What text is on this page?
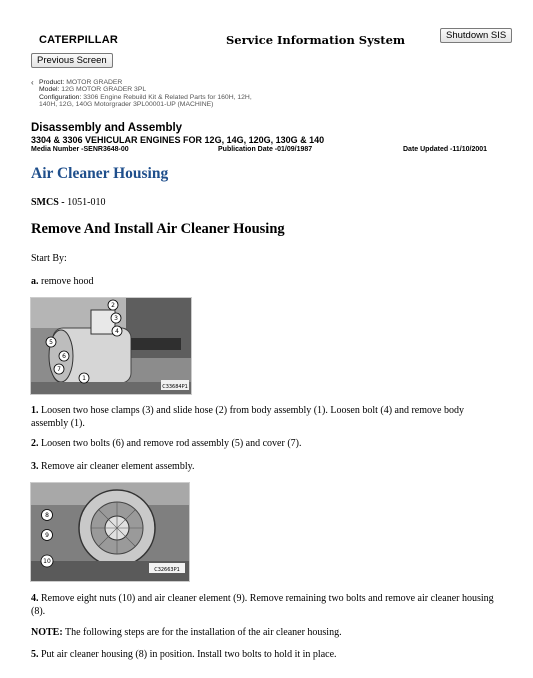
CATERPILLAR	Service Information System	Shutdown SIS
Previous Screen
‹ Product: MOTOR GRADER
Model: 12G MOTOR GRADER 3PL
Configuration: 3306 Engine Rebuild Kit & Related Parts for 160H, 12H,
140H, 12G, 140G Motorgrader 3PL00001-UP (MACHINE)
Disassembly and Assembly
3304 & 3306 VEHICULAR ENGINES FOR 12G, 14G, 120G, 130G & 140
Media Number -SENR3648-00	Publication Date -01/09/1987	Date Updated -11/10/2001
Air Cleaner Housing
SMCS - 1051-010
Remove And Install Air Cleaner Housing
Start By:
a. remove hood
2
3
4
5
6
7
1
C33684P1
1. Loosen two hose clamps (3) and slide hose (2) from body assembly (1). Loosen bolt (4) and remove body assembly (1).
2. Loosen two bolts (6) and remove rod assembly (5) and cover (7).
3. Remove air cleaner element assembly.
8
9
10
C32663P1
4. Remove eight nuts (10) and air cleaner element (9). Remove remaining two bolts and remove air cleaner housing (8).
NOTE: The following steps are for the installation of the air cleaner housing.
5. Put air cleaner housing (8) in position. Install two bolts to hold it in place.
